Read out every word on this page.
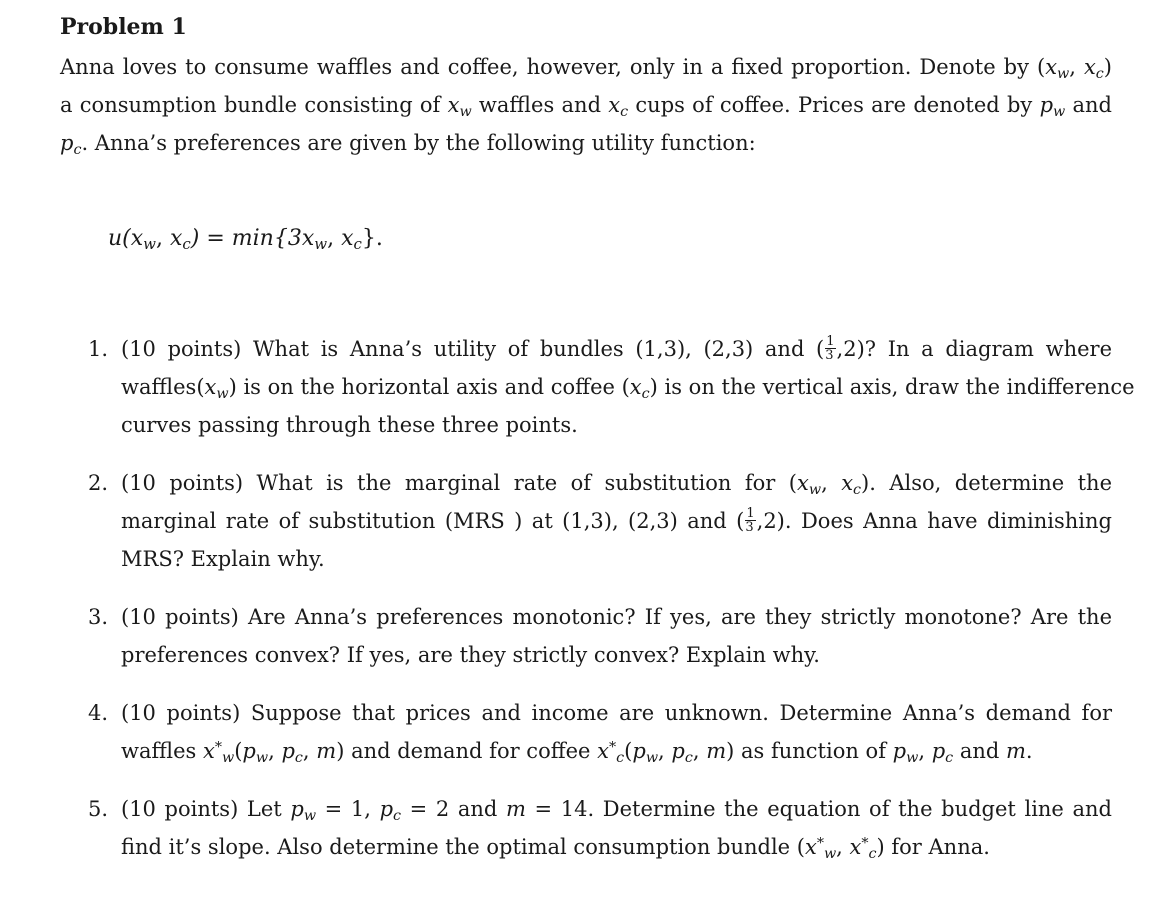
Problem 1
Anna loves to consume waffles and coffee, however, only in a fixed proportion. Denote by ($x_w$, $x_c$)
a consumption bundle consisting of $x_w$ waffles and $x_c$ cups of coffee. Prices are denoted by $p_w$ and
$p_c$. Anna’s preferences are given by the following utility function:
$u(x_w$, $x_c) = \min\{3x_w$, $x_c$}.
1. (10 points) What is Anna’s utility of bundles (1,3), (2,3) and ( $\frac{1}{3} ,2$)? In a diagram where
$waffles(x_w)$ is on the horizontal axis and coffee $(x_c)$ is on the vertical axis, draw the indifference
curves passing through these three points.
2. (10 points) What is the marginal rate of substitution for ($x_w$, $x_c$). Also, determine the
marginal rate of substitution (MRS ) at (1,3), (2,3) and ( $\frac{1}{3} ,2$). Does Anna have diminishing
MRS? Explain why.
3. (10 points) Are Anna’s preferences monotonic? If yes, are they strictly monotone? Are the
preferences convex? If yes, are they strictly convex? Explain why.
4. (10 points) Suppose that prices and income are unknown. Determine Anna’s demand for
waffles $x^*_w(p_w$, $p_c$, m) and demand for coffee $x^*_c(p_w$, $p_c$, m) as function of $p_w$, $p_c$ and m.
5. (10 points) Let $p_w = 1$, $p_c = 2$ and m = 14. Determine the equation of the budget line and
find it’s slope. Also determine the optimal consumption bundle ($x^*_w$, $x^*_c$) for Anna.
